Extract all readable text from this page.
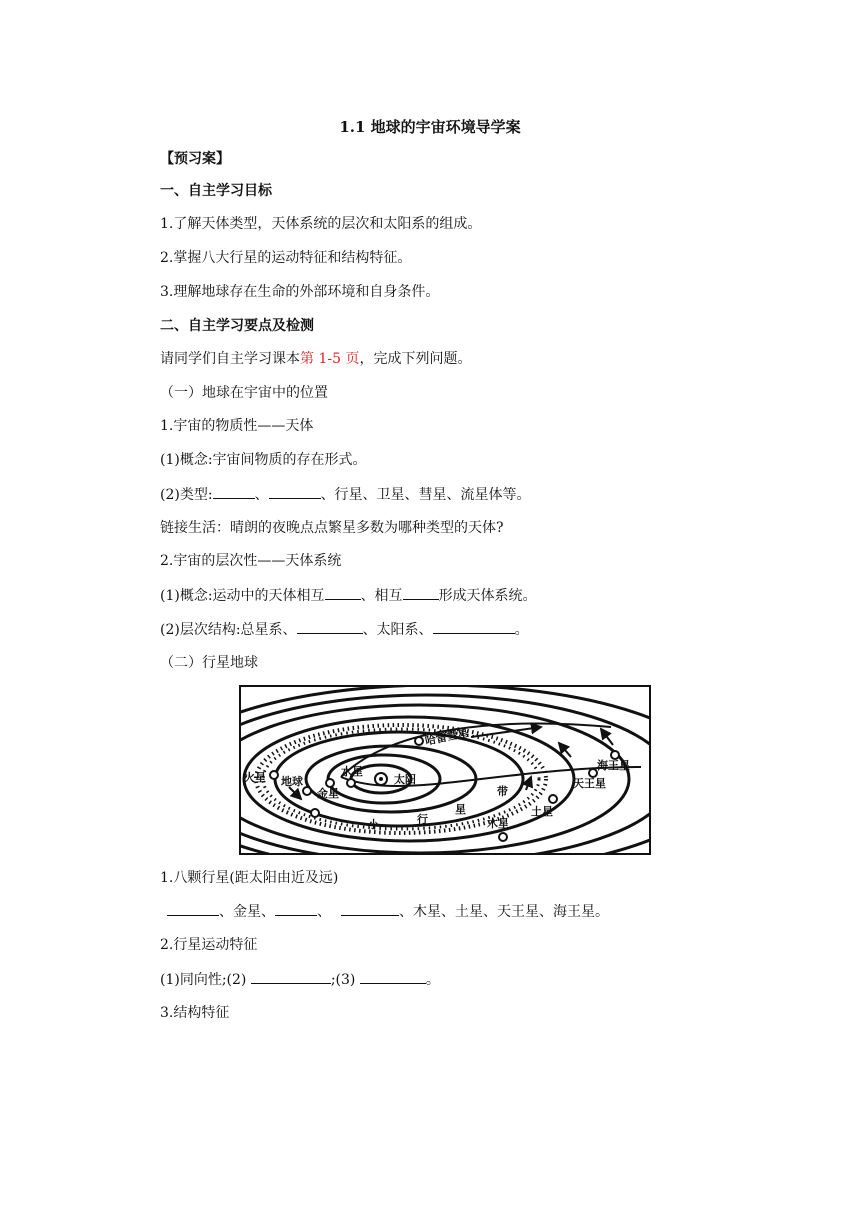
1.1 地球的宇宙环境导学案
【预习案】
一、自主学习目标
1.了解天体类型，天体系统的层次和太阳系的组成。
2.掌握八大行星的运动特征和结构特征。
3.理解地球存在生命的外部环境和自身条件。
二、自主学习要点及检测
请同学们自主学习课本第 1-5 页，完成下列问题。
（一）地球在宇宙中的位置
1.宇宙的物质性——天体
(1)概念:宇宙间物质的存在形式。
(2)类型:	、	、行星、卫星、彗星、流星体等。
链接生活：晴朗的夜晚点点繁星多数为哪种类型的天体?
2.宇宙的层次性——天体系统
(1)概念:运动中的天体相互	、相互	形成天体系统。
(2)层次结构:总星系、	、太阳系、	。
（二）行星地球
太阳
水星
金星
地球
火星
木星
土星
天王星
海王星
哈雷彗星
小	行
星
带
1.八颗行星(距太阳由近及远)
、金星、	、	、木星、土星、天王星、海王星。
2.行星运动特征
(1)同向性;(2)	;(3)	。
3.结构特征
